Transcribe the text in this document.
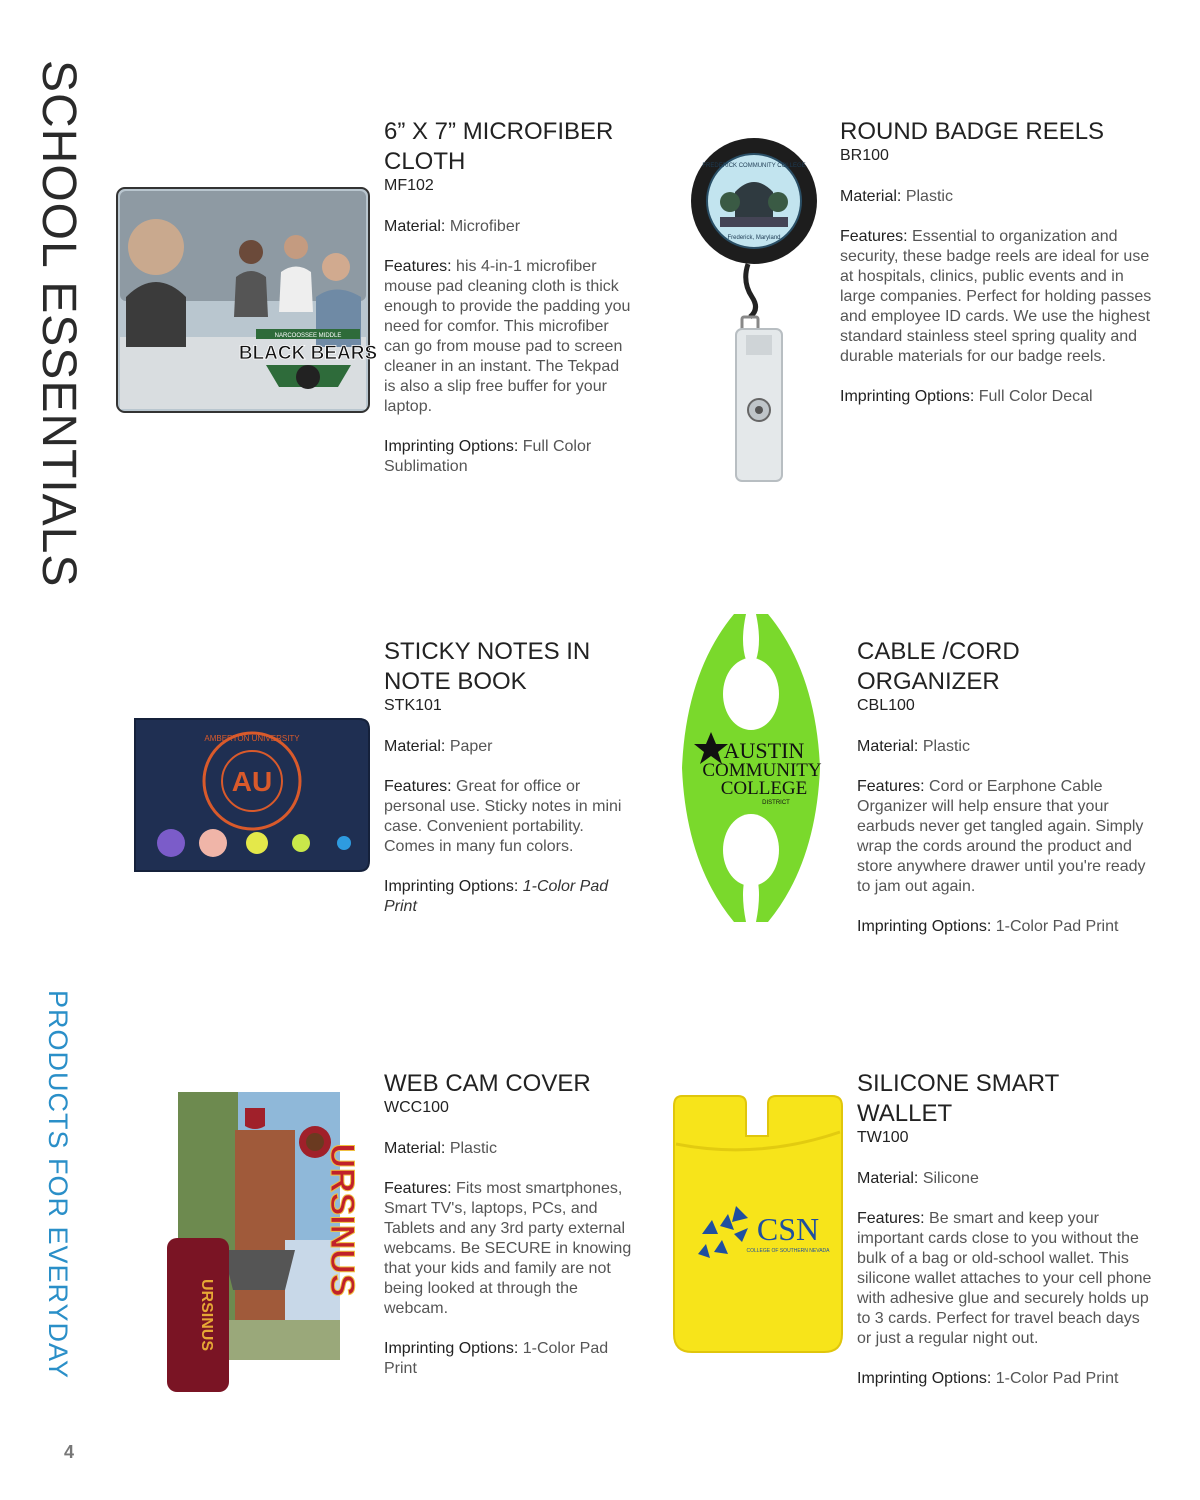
SCHOOL ESSENTIALS
PRODUCTS FOR EVERYDAY
4
NARCOOSSEE MIDDLE
BLACK BEARS
6” X 7” MICROFIBER CLOTH

MF102

Material: Microfiber

Features: his 4-in-1 microfiber mouse pad cleaning cloth is thick enough to provide the padding you need for comfor. This microfiber can go from mouse pad to screen cleaner in an instant. The Tekpad is also a slip free buffer for your laptop.

Imprinting Options: Full Color Sublimation

FREDERICK COMMUNITY COLLEGE
Frederick, Maryland
ROUND BADGE REELS

BR100

Material: Plastic

Features: Essential to organization and security, these badge reels are ideal for use at hospitals, clinics, public events and in large companies. Perfect for holding passes and employee ID cards. We use the highest standard stainless steel spring quality and durable materials for our badge reels.

Imprinting Options: Full Color Decal

AU
AMBERTON UNIVERSITY
STICKY NOTES IN NOTE BOOK

STK101

Material: Paper

Features: Great for office or personal use. Sticky notes in mini case. Convenient portability. Comes in many fun colors.

Imprinting Options: 1-Color Pad Print

AUSTIN
COMMUNITY
COLLEGE
DISTRICT
CABLE /CORD ORGANIZER

CBL100

Material: Plastic

Features: Cord or Earphone Cable Organizer will help ensure that your earbuds never get tangled again. Simply wrap the cords around the product and store anywhere drawer until you're ready to jam out again.

Imprinting Options: 1-Color Pad Print

URSINUS
URSINUS
WEB CAM COVER

WCC100

Material: Plastic

Features: Fits most smartphones, Smart TV's, laptops, PCs, and Tablets and any 3rd party external webcams. Be SECURE in knowing that your kids and family are not being looked at through the webcam.

Imprinting Options: 1-Color Pad Print

CSN
COLLEGE OF SOUTHERN NEVADA
SILICONE SMART WALLET

TW100

Material: Silicone

Features: Be smart and keep your important cards close to you without the bulk of a bag or old-school wallet. This silicone wallet attaches to your cell phone with adhesive glue and securely holds up to 3 cards. Perfect for travel beach days or just a regular night out.

Imprinting Options: 1-Color Pad Print
